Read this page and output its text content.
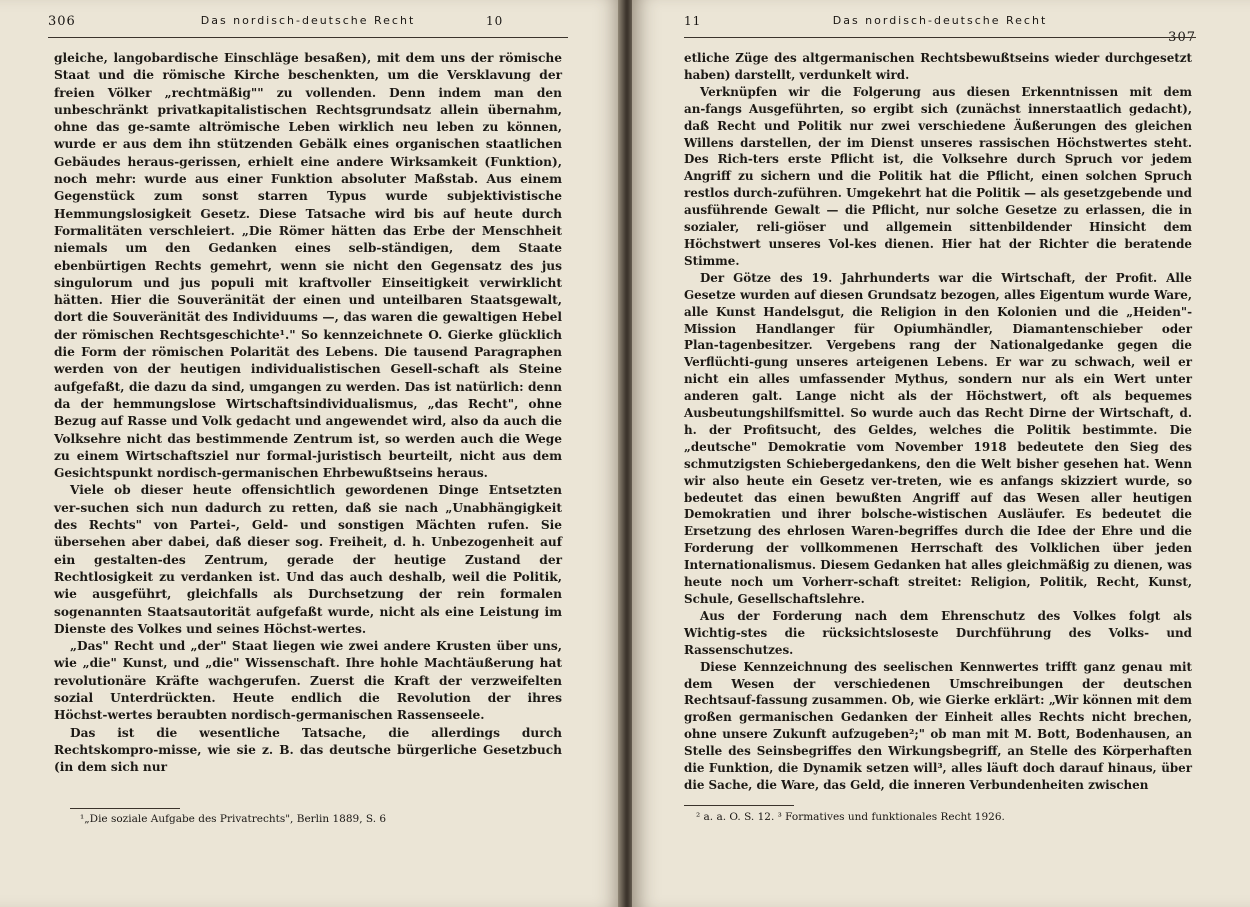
306	Das nordisch-deutsche Recht	10

gleiche, langobardische Einschläge besaßen), mit dem uns der römische Staat und die römische Kirche beschenkten, um die Versklavung der freien Völker „rechtmäßig"" zu vollenden. Denn indem man den unbeschränkt privatkapitalistischen Rechtsgrundsatz allein übernahm, ohne das ge‑samte altrömische Leben wirklich neu leben zu können, wurde er aus dem ihn stützenden Gebälk eines organischen staatlichen Gebäudes heraus‑gerissen, erhielt eine andere Wirksamkeit (Funktion), noch mehr: wurde aus einer Funktion absoluter Maßstab. Aus einem Gegenstück zum sonst starren Typus wurde subjektivistische Hemmungslosigkeit Gesetz. Diese Tatsache wird bis auf heute durch Formalitäten verschleiert. „Die Römer hätten das Erbe der Menschheit niemals um den Gedanken eines selb‑ständigen, dem Staate ebenbürtigen Rechts gemehrt, wenn sie nicht den Gegensatz des jus singulorum und jus populi mit kraftvoller Einseitigkeit verwirklicht hätten. Hier die Souveränität der einen und unteilbaren Staatsgewalt, dort die Souveränität des Individuums —, das waren die gewaltigen Hebel der römischen Rechtsgeschichte¹." So kennzeichnete O. Gierke glücklich die Form der römischen Polarität des Lebens. Die tausend Paragraphen werden von der heutigen individualistischen Gesell‑schaft als Steine aufgefaßt, die dazu da sind, umgangen zu werden. Das ist natürlich: denn da der hemmungslose Wirtschaftsindividualismus, „das Recht", ohne Bezug auf Rasse und Volk gedacht und angewendet wird, also da auch die Volksehre nicht das bestimmende Zentrum ist, so werden auch die Wege zu einem Wirtschaftsziel nur formal-juristisch beurteilt, nicht aus dem Gesichtspunkt nordisch-germanischen Ehrbewußtseins heraus.

Viele ob dieser heute offensichtlich gewordenen Dinge Entsetzten ver‑suchen sich nun dadurch zu retten, daß sie nach „Unabhängigkeit des Rechts" von Partei-, Geld- und sonstigen Mächten rufen. Sie übersehen aber dabei, daß dieser sog. Freiheit, d. h. Unbezogenheit auf ein gestalten‑des Zentrum, gerade der heutige Zustand der Rechtlosigkeit zu verdanken ist. Und das auch deshalb, weil die Politik, wie ausgeführt, gleichfalls als Durchsetzung der rein formalen sogenannten Staatsautorität aufgefaßt wurde, nicht als eine Leistung im Dienste des Volkes und seines Höchst‑wertes.

„Das" Recht und „der" Staat liegen wie zwei andere Krusten über uns, wie „die" Kunst, und „die" Wissenschaft. Ihre hohle Machtäußerung hat revolutionäre Kräfte wachgerufen. Zuerst die Kraft der verzweifelten sozial Unterdrückten. Heute endlich die Revolution der ihres Höchst‑wertes beraubten nordisch-germanischen Rassenseele.

Das ist die wesentliche Tatsache, die allerdings durch Rechtskompro‑misse, wie sie z. B. das deutsche bürgerliche Gesetzbuch (in dem sich nur

¹„Die soziale Aufgabe des Privatrechts", Berlin 1889, S. 6
11	Das nordisch-deutsche Recht
307

etliche Züge des altgermanischen Rechtsbewußtseins wieder durchgesetzt haben) darstellt, verdunkelt wird.

Verknüpfen wir die Folgerung aus diesen Erkenntnissen mit dem an‑fangs Ausgeführten, so ergibt sich (zunächst innerstaatlich gedacht), daß Recht und Politik nur zwei verschiedene Äußerungen des gleichen Willens darstellen, der im Dienst unseres rassischen Höchstwertes steht. Des Rich‑ters erste Pflicht ist, die Volksehre durch Spruch vor jedem Angriff zu sichern und die Politik hat die Pflicht, einen solchen Spruch restlos durch‑zuführen. Umgekehrt hat die Politik — als gesetzgebende und ausführende Gewalt — die Pflicht, nur solche Gesetze zu erlassen, die in sozialer, reli‑giöser und allgemein sittenbildender Hinsicht dem Höchstwert unseres Vol‑kes dienen. Hier hat der Richter die beratende Stimme.

Der Götze des 19. Jahrhunderts war die Wirtschaft, der Profit. Alle Gesetze wurden auf diesen Grundsatz bezogen, alles Eigentum wurde Ware, alle Kunst Handelsgut, die Religion in den Kolonien und die „Heiden"-Mission Handlanger für Opiumhändler, Diamantenschieber oder Plan‑tagenbesitzer. Vergebens rang der Nationalgedanke gegen die Verflüchti‑gung unseres arteigenen Lebens. Er war zu schwach, weil er nicht ein alles umfassender Mythus, sondern nur als ein Wert unter anderen galt. Lange nicht als der Höchstwert, oft als bequemes Ausbeutungshilfsmittel. So wurde auch das Recht Dirne der Wirtschaft, d. h. der Profitsucht, des Geldes, welches die Politik bestimmte. Die „deutsche" Demokratie vom November 1918 bedeutete den Sieg des schmutzigsten Schiebergedankens, den die Welt bisher gesehen hat. Wenn wir also heute ein Gesetz ver‑treten, wie es anfangs skizziert wurde, so bedeutet das einen bewußten Angriff auf das Wesen aller heutigen Demokratien und ihrer bolsche‑wistischen Ausläufer. Es bedeutet die Ersetzung des ehrlosen Waren‑begriffes durch die Idee der Ehre und die Forderung der vollkommenen Herrschaft des Volklichen über jeden Internationalismus. Diesem Gedanken hat alles gleichmäßig zu dienen, was heute noch um Vorherr‑schaft streitet: Religion, Politik, Recht, Kunst, Schule, Gesellschaftslehre.

Aus der Forderung nach dem Ehrenschutz des Volkes folgt als Wichtig‑stes die rücksichtsloseste Durchführung des Volks- und Rassenschutzes.

Diese Kennzeichnung des seelischen Kennwertes trifft ganz genau mit dem Wesen der verschiedenen Umschreibungen der deutschen Rechtsauf‑fassung zusammen. Ob, wie Gierke erklärt: „Wir können mit dem großen germanischen Gedanken der Einheit alles Rechts nicht brechen, ohne unsere Zukunft aufzugeben²;" ob man mit M. Bott, Bodenhausen, an Stelle des Seinsbegriffes den Wirkungsbegriff, an Stelle des Körperhaften die Funktion, die Dynamik setzen will³, alles läuft doch darauf hinaus, über die Sache, die Ware, das Geld, die inneren Verbundenheiten zwischen

² a. a. O. S. 12. ³ Formatives und funktionales Recht 1926.
